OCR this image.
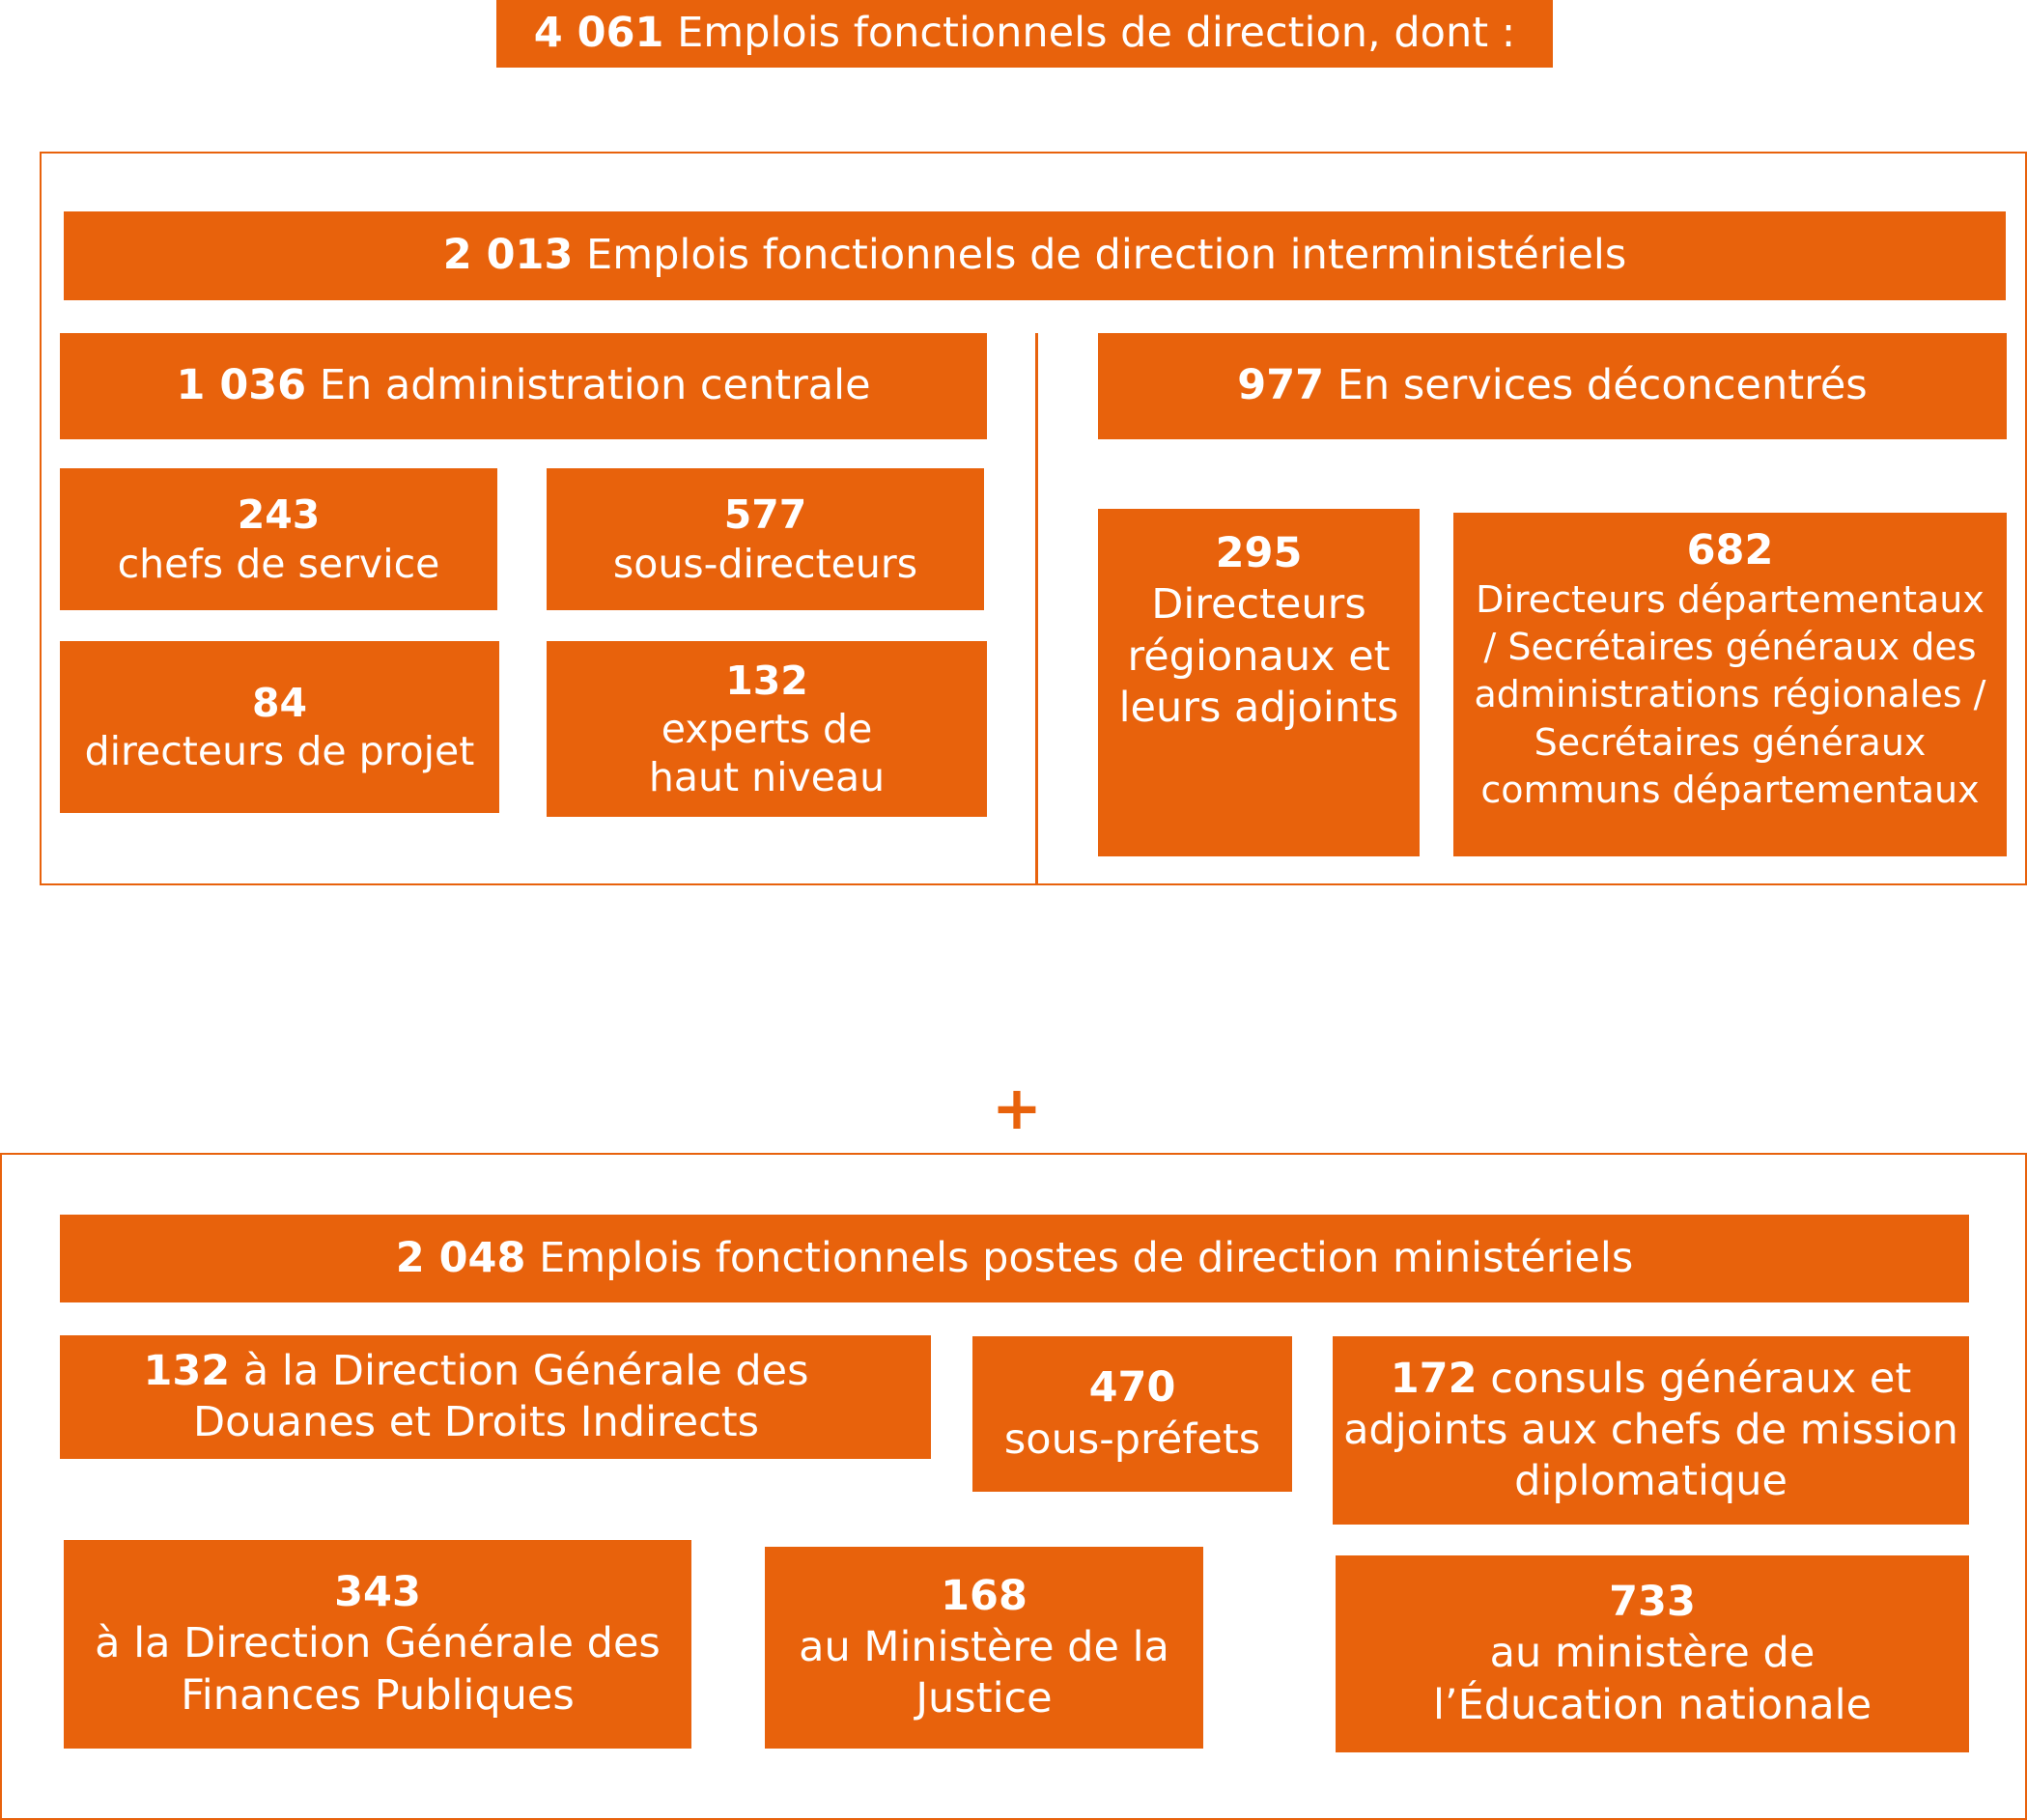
4 061
Emplois fonctionnels de direction, dont :
2 013
Emplois fonctionnels de direction interministériels
1 036
En administration centrale
243
chefs de service
577
sous-directeurs
84
directeurs de projet
132
experts de
haut niveau
977
En services déconcentrés
295
Directeurs
régionaux et
leurs adjoints
682
Directeurs départementaux
/ Secrétaires généraux des
administrations régionales /
Secrétaires généraux
communs départementaux
+
2 048
Emplois fonctionnels postes de direction ministériels
132 à la Direction Générale des
Douanes et Droits Indirects
470
sous-préfets
172 consuls généraux et
adjoints aux chefs de mission
diplomatique
343
à la Direction Générale des
Finances Publiques
168
au Ministère de la
Justice
733
au ministère de
l’Éducation nationale
